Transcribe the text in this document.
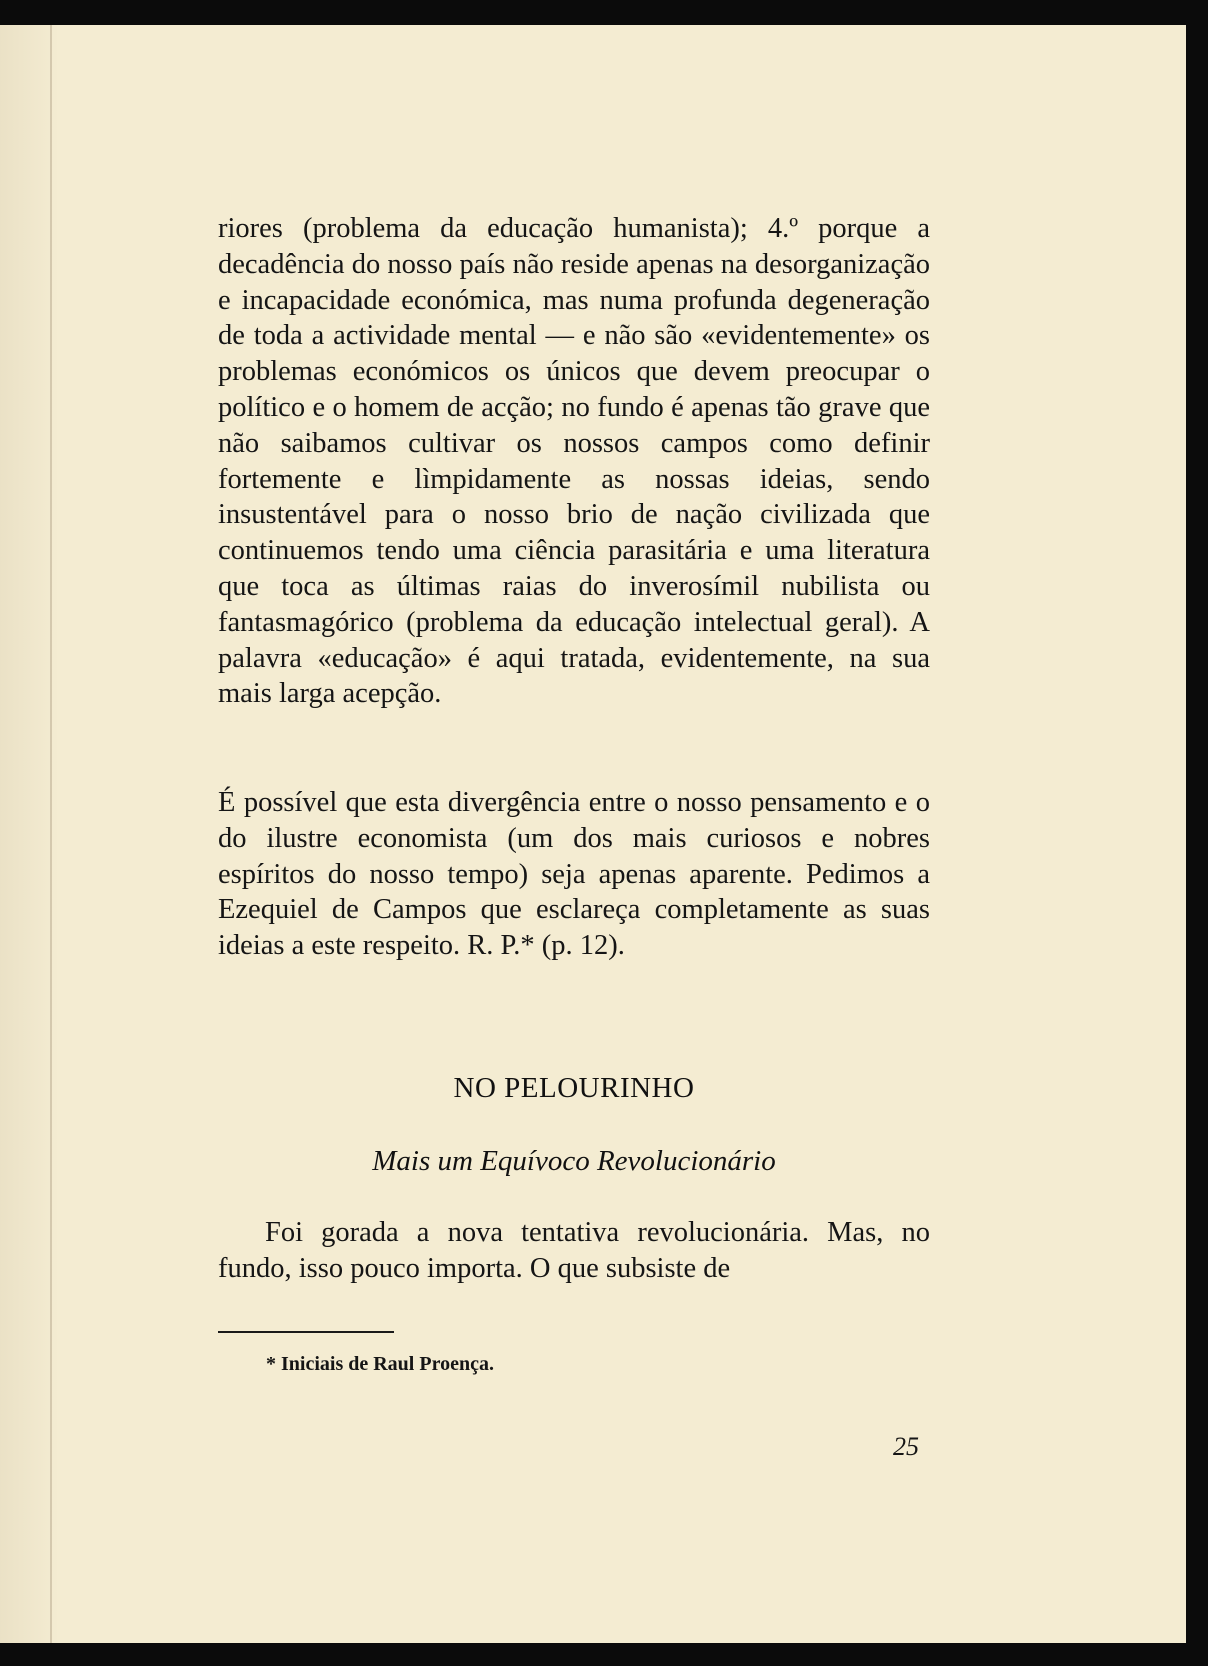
riores (problema da educação humanista); 4.º porque a decadência do nosso país não reside apenas na desorganização e incapacidade económica, mas numa profunda degeneração de toda a actividade mental — e não são «evidentemente» os problemas económicos os únicos que devem preocupar o político e o homem de acção; no fundo é apenas tão grave que não saibamos cultivar os nossos campos como definir fortemente e lìmpidamente as nossas ideias, sendo insustentável para o nosso brio de nação civilizada que continuemos tendo uma ciência parasitária e uma literatura que toca as últimas raias do inverosímil nubilista ou fantasmagórico (problema da educação intelectual geral). A palavra «educação» é aqui tratada, evidentemente, na sua mais larga acepção.

É possível que esta divergência entre o nosso pensamento e o do ilustre economista (um dos mais curiosos e nobres espíritos do nosso tempo) seja apenas aparente. Pedimos a Ezequiel de Campos que esclareça completamente as suas ideias a este respeito. R. P.* (p. 12).

NO PELOURINHO
Mais um Equívoco Revolucionário

Foi gorada a nova tentativa revolucionária. Mas, no fundo, isso pouco importa. O que subsiste de

* Iniciais de Raul Proença.

25
